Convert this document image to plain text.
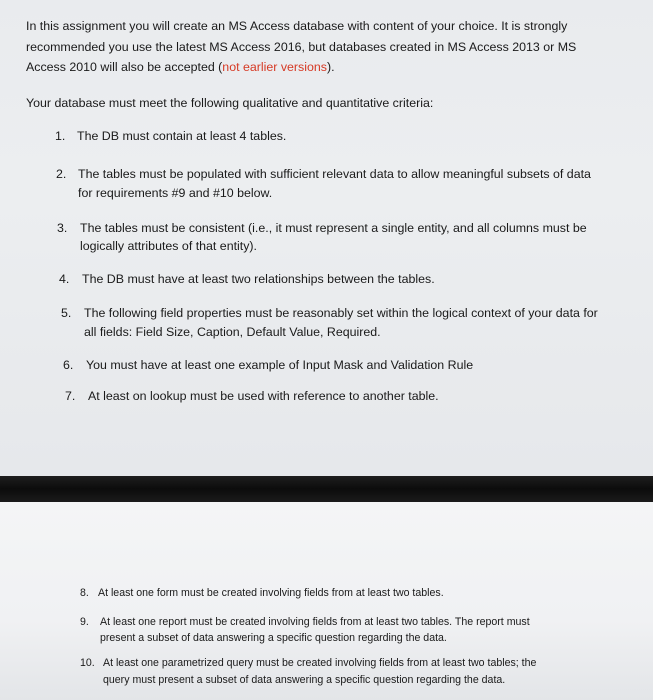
In this assignment you will create an MS Access database with content of your choice. It is strongly
recommended you use the latest MS Access 2016, but databases created in MS Access 2013 or MS
Access 2010 will also be accepted (not earlier versions).
Your database must meet the following qualitative and quantitative criteria:
1. The DB must contain at least 4 tables.
2. The tables must be populated with sufficient relevant data to allow meaningful subsets of data
for requirements #9 and #10 below.
3. The tables must be consistent (i.e., it must represent a single entity, and all columns must be
logically attributes of that entity).
4. The DB must have at least two relationships between the tables.
5. The following field properties must be reasonably set within the logical context of your data for
all fields: Field Size, Caption, Default Value, Required.
6. You must have at least one example of Input Mask and Validation Rule
7. At least on lookup must be used with reference to another table.
8. At least one form must be created involving fields from at least two tables.
9. At least one report must be created involving fields from at least two tables. The report must
present a subset of data answering a specific question regarding the data.
10. At least one parametrized query must be created involving fields from at least two tables; the
query must present a subset of data answering a specific question regarding the data.
